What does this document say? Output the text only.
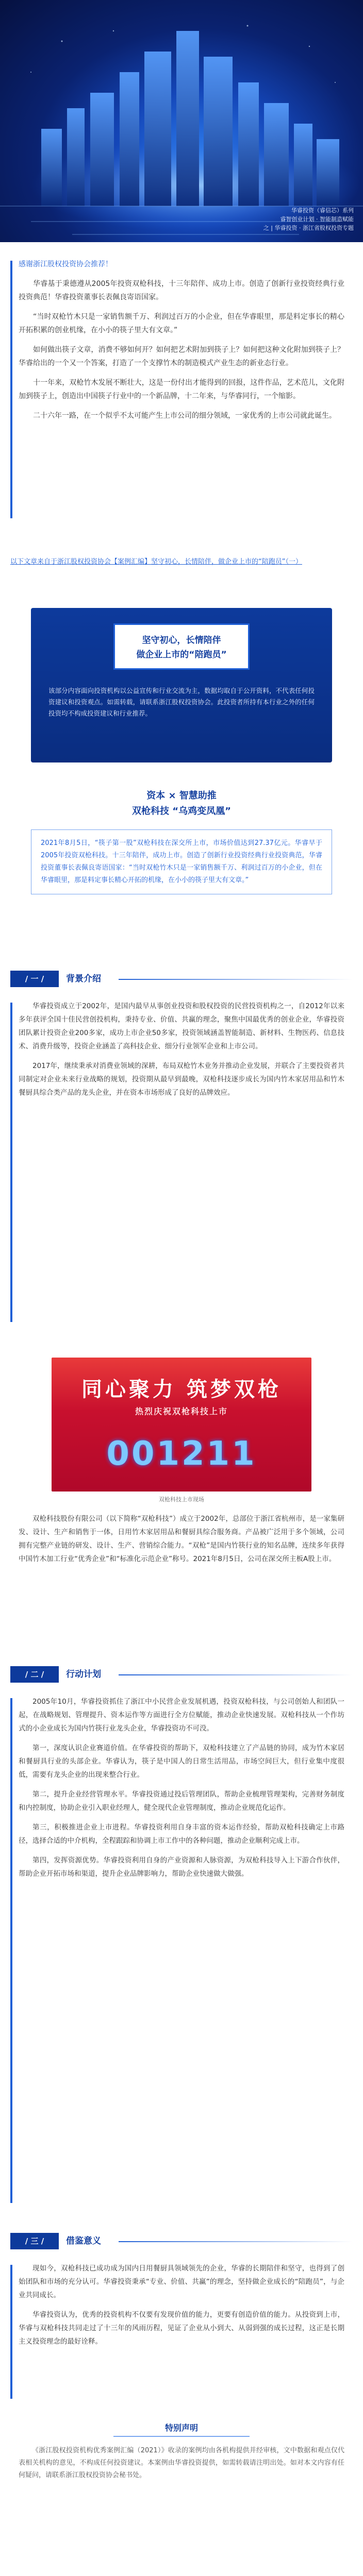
华睿投资（睿信芯）系列
睿智创业计划 · 智能制造赋能
之 | 华睿投资 · 浙江省股权投资专题

感谢浙江股权投资协会推荐！

华睿基于秉德遵从2005年投资双枪科技，十三年陪伴、成功上市。创造了创新行业投资经典行业投资典范！华睿投资董事长表佩良寄语国家。

“当时双枪竹木只是一家销售额千万、利润过百万的小企业，但在华睿眼里，那是料定事长的精心开拓积累的创业机缘，在小小的筷子里大有文章。”

如何做出筷子文章，消费不够如何开？如何把艺术附加到筷子上？如何把这种文化附加到筷子上？华睿给出的一个又一个答案，打造了一个支撑竹木的制造模式产业生态的新业态行业。

十一年来，双枪竹木发展不断壮大，这是一份付出才能得到的回报，这件作品，艺术范儿，文化附加到筷子上，创造出中国筷子行业中的一个新品牌，十二年来，与华睿同行，一个缩影。

二十六年一路，在一个似乎不太可能产生上市公司的细分领域，一家优秀的上市公司就此诞生。

以下文章来自于浙江股权投资协会【案例汇编】坚守初心，长情陪伴，做企业上市的“陪跑员”（一）
坚守初心，长情陪伴
做企业上市的“陪跑员”
该部分内容面向投资机构以公益宣传和行业交流为主，数据均取自于公开资料，不代表任何投资建议和投资观点。如需转载，请联系浙江股权投资协会。此投资者所持有本行业之外的任何投资均不构成投资建议和行业推荐。
资本 × 智慧助推
双枪科技 “乌鸡变凤凰”
2021年8月5日，“筷子第一股”双枪科技在深交所上市，市场价值达到27.37亿元。华睿早于2005年投资双枪科技。十三年陪伴，成功上市。创造了创新行业投资经典行业投资典范，华睿投资董事长表佩良寄语国家：“当时双枪竹木只是一家销售额千万、利润过百万的小企业，但在华睿眼里，那是料定事长精心开拓的机缘，在小小的筷子里大有文章。”
/ 一 /	背景介绍

华睿投资成立于2002年，是国内最早从事创业投资和股权投资的民营投资机构之一，自2012年以来多年获评全国十佳民营创投机构，秉持专业、价值、共赢的理念，聚焦中国最优秀的创业企业，华睿投资团队累计投资企业200多家，成功上市企业50多家，投资领域涵盖智能制造、新材料、生物医药、信息技术、消费升级等，投资企业涵盖了高科技企业、细分行业领军企业和上市公司。

2017年，继续秉承对消费业领域的深耕，布局双枪竹木业务并推动企业发展，并联合了主要投资者共同制定对企业未来行业战略的规划，投资期从最早到最晚，双枪科技逐步成长为国内竹木家居用品和竹木餐厨具综合类产品的龙头企业，并在资本市场形成了良好的品牌效应。

同心聚力 筑梦双枪
热烈庆祝双枪科技上市
001211
双枪科技上市现场

双枪科技股份有限公司（以下简称“双枪科技”）成立于2002年，总部位于浙江省杭州市，是一家集研发、设计、生产和销售于一体，日用竹木家居用品和餐厨具综合服务商。产品被广泛用于多个领域，公司拥有完整产业链的研发、设计、生产、营销综合能力。“双枪”是国内竹筷行业的知名品牌，连续多年获得中国竹木加工行业“优秀企业”和“标准化示范企业”称号。2021年8月5日，公司在深交所主板A股上市。

/ 二 /	行动计划

2005年10月，华睿投资抓住了浙江中小民营企业发展机遇，投资双枪科技，与公司创始人和团队一起，在战略规划、管理提升、资本运作等方面进行全方位赋能，推动企业快速发展。双枪科技从一个作坊式的小企业成长为国内竹筷行业龙头企业，华睿投资功不可没。

第一，深度认识企业赛道价值。在华睿投资的帮助下，双枪科技建立了产品链的协同，成为竹木家居和餐厨具行业的头部企业。华睿认为，筷子是中国人的日常生活用品，市场空间巨大，但行业集中度很低，需要有龙头企业的出现来整合行业。

第二，提升企业经营管理水平。华睿投资通过投后管理团队，帮助企业梳理管理架构，完善财务制度和内控制度，协助企业引入职业经理人，健全现代企业管理制度，推动企业规范化运作。

第三，积极推进企业上市进程。华睿投资利用自身丰富的资本运作经验，帮助双枪科技确定上市路径，选择合适的中介机构，全程跟踪和协调上市工作中的各种问题，推动企业顺利完成上市。

第四，发挥资源优势。华睿投资利用自身的产业资源和人脉资源，为双枪科技导入上下游合作伙伴，帮助企业开拓市场和渠道，提升企业品牌影响力，帮助企业快速做大做强。

/ 三 /	借鉴意义

现如今，双枪科技已成功成为国内日用餐厨具领域领先的企业，华睿的长期陪伴和坚守，也得到了创始团队和市场的充分认可。华睿投资秉承“专业、价值、共赢”的理念，坚持做企业成长的“陪跑员”，与企业共同成长。

华睿投资认为，优秀的投资机构不仅要有发现价值的能力，更要有创造价值的能力。从投资到上市，华睿与双枪科技共同走过了十三年的风雨历程，见证了企业从小到大、从弱到强的成长过程，这正是长期主义投资理念的最好诠释。

特别声明

《浙江股权投资机构优秀案例汇编（2021）》收录的案例均由各机构提供并经审核，文中数据和观点仅代表相关机构的意见，不构成任何投资建议。本案例由华睿投资提供，如需转载请注明出处。如对本文内容有任何疑问，请联系浙江股权投资协会秘书处。
